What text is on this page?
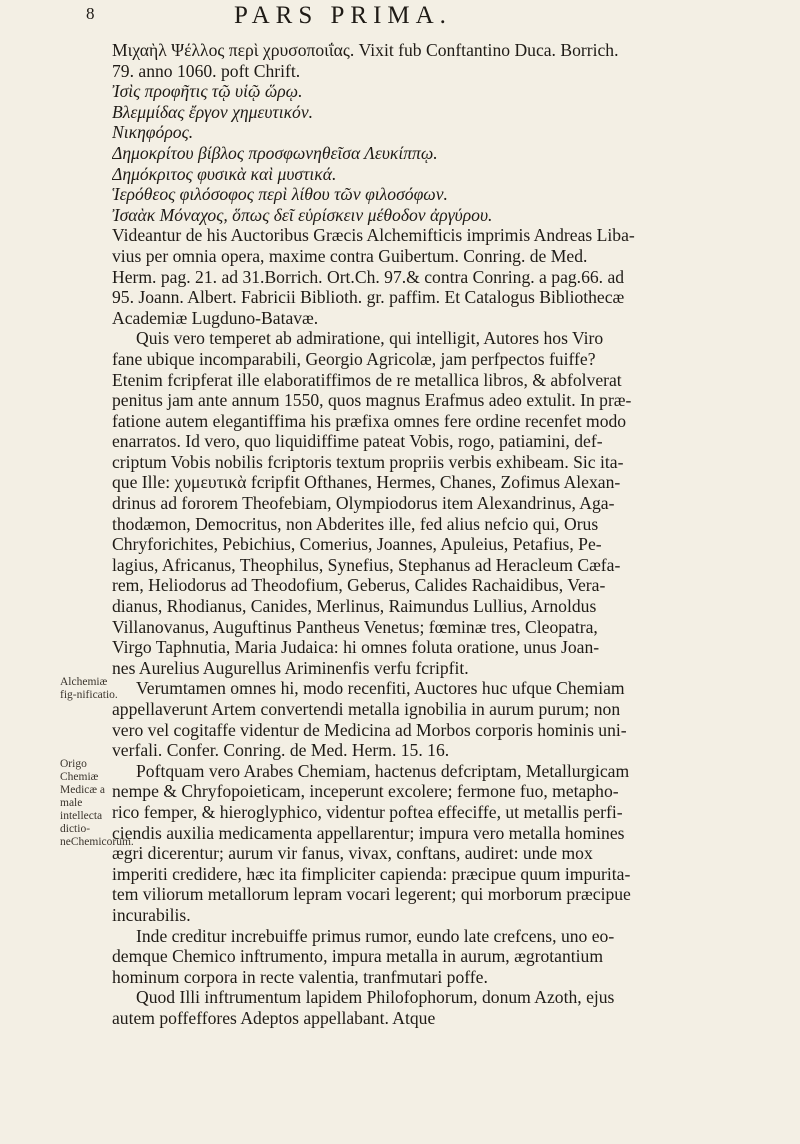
8	PARS PRIMA.
Μιχαὴλ Ψέλλος περὶ χρυσοποιΐας. Vixit fub Conftantino Duca. Borrich.
79. anno 1060. poft Chrift.
Ἰσὶς προφῆτις τῷ υἱῷ ὥρῳ.
Βλεμμίδας ἔργον χημευτικόν.
Νικηφόρος.
Δημοκρίτου βίβλος προσφωνηθεῖσα Λευκίππῳ.
Δημόκριτος φυσικὰ καὶ μυστικά.
Ἱερόθεος φιλόσοφος περὶ λίθου τῶν φιλοσόφων.
Ἰσαὰκ Μόναχος, ὅπως δεῖ εὑρίσκειν μέθοδον ἀργύρου.
Videantur de his Auctoribus Græcis Alchemifticis imprimis Andreas Liba-
vius per omnia opera, maxime contra Guibertum. Conring. de Med.
Herm. pag. 21. ad 31.Borrich. Ort.Ch. 97.& contra Conring. a pag.66. ad
95. Joann. Albert. Fabricii Biblioth. gr. paffim. Et Catalogus Bibliothecæ
Academiæ Lugduno-Batavæ.
Quis vero temperet ab admiratione, qui intelligit, Autores hos Viro
fane ubique incomparabili, Georgio Agricolæ, jam perfpectos fuiffe?
Etenim fcripferat ille elaboratiffimos de re metallica libros, & abfolverat
penitus jam ante annum 1550, quos magnus Erafmus adeo extulit. In præ-
fatione autem elegantiffima his præfixa omnes fere ordine recenfet modo
enarratos. Id vero, quo liquidiffime pateat Vobis, rogo, patiamini, def-
criptum Vobis nobilis fcriptoris textum propriis verbis exhibeam. Sic ita-
que Ille: χυμευτικὰ fcripfit Ofthanes, Hermes, Chanes, Zofimus Alexan-
drinus ad fororem Theofebiam, Olympiodorus item Alexandrinus, Aga-
thodæmon, Democritus, non Abderites ille, fed alius nefcio qui, Orus
Chryforichites, Pebichius, Comerius, Joannes, Apuleius, Petafius, Pe-
lagius, Africanus, Theophilus, Synefius, Stephanus ad Heracleum Cæfa-
rem, Heliodorus ad Theodofium, Geberus, Calides Rachaidibus, Vera-
dianus, Rhodianus, Canides, Merlinus, Raimundus Lullius, Arnoldus
Villanovanus, Auguftinus Pantheus Venetus; fœminæ tres, Cleopatra,
Virgo Taphnutia, Maria Judaica: hi omnes foluta oratione, unus Joan-
nes Aurelius Augurellus Ariminenfis verfu fcripfit.
Verumtamen omnes hi, modo recenfiti, Auctores huc ufque Chemiam
appellaverunt Artem convertendi metalla ignobilia in aurum purum; non
vero vel cogitaffe videntur de Medicina ad Morbos corporis hominis uni-
verfali. Confer. Conring. de Med. Herm. 15. 16.
Poftquam vero Arabes Chemiam, hactenus defcriptam, Metallurgicam
nempe & Chryfopoieticam, inceperunt excolere; fermone fuo, metapho-
rico femper, & hieroglyphico, videntur poftea effeciffe, ut metallis perfi-
ciendis auxilia medicamenta appellarentur; impura vero metalla homines
ægri dicerentur; aurum vir fanus, vivax, conftans, audiret: unde mox
imperiti credidere, hæc ita fimpliciter capienda: præcipue quum impurita-
tem viliorum metallorum lepram vocari legerent; qui morborum præcipue
incurabilis.
Inde creditur increbuiffe primus rumor, eundo late crefcens, uno eo-
demque Chemico inftrumento, impura metalla in aurum, ægrotantium
hominum corpora in recte valentia, tranfmutari poffe.
Quod Illi inftrumentum lapidem Philofophorum, donum Azoth, ejus
autem poffeffores Adeptos appellabant. Atque
Alchemiæ fig-nificatio.
Origo Chemiæ Medicæ a male intellecta dictio-neChemicorum.
